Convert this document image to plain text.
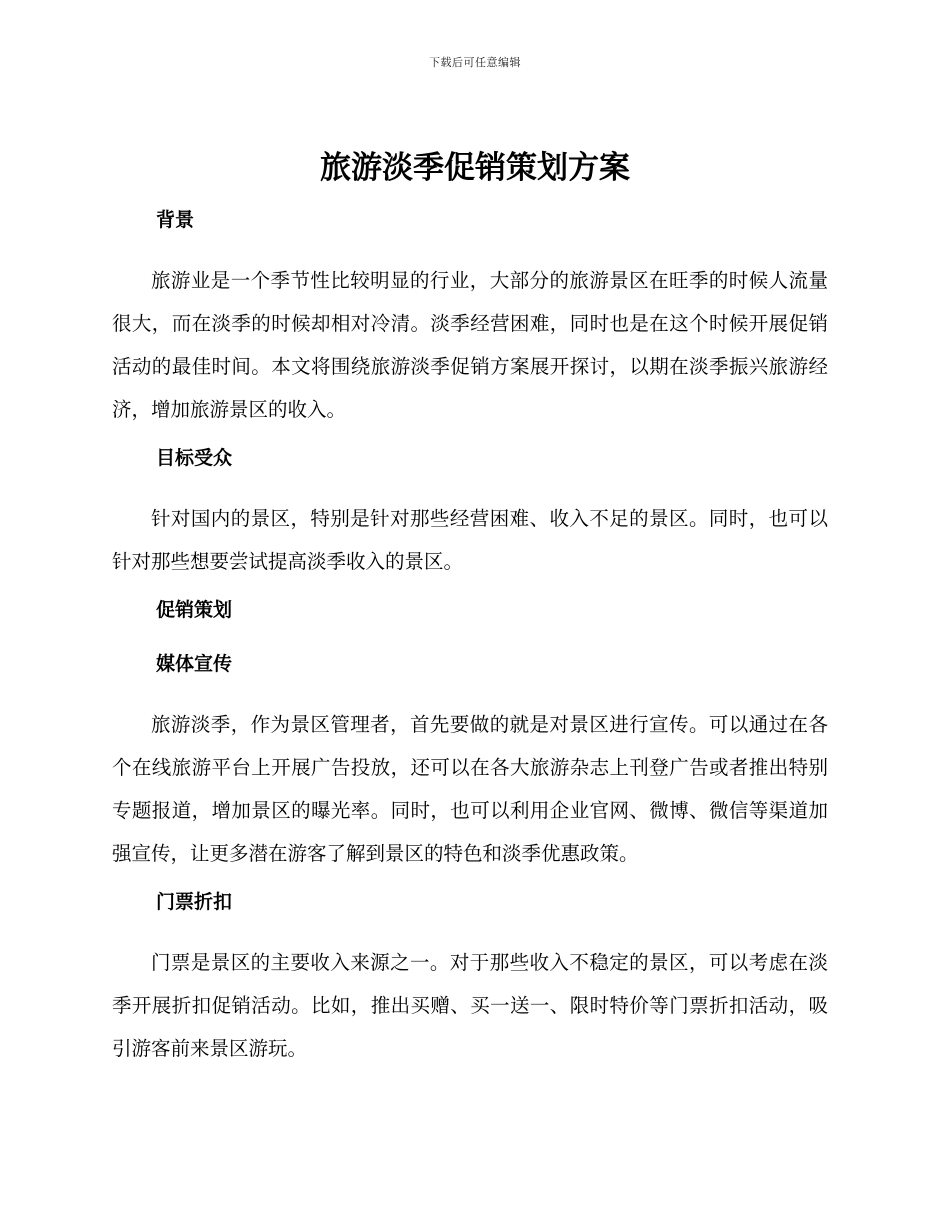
下载后可任意编辑
旅游淡季促销策划方案
背景

旅游业是一个季节性比较明显的行业，大部分的旅游景区在旺季的时候人流量很大，而在淡季的时候却相对冷清。淡季经营困难，同时也是在这个时候开展促销活动的最佳时间。本文将围绕旅游淡季促销方案展开探讨，以期在淡季振兴旅游经济，增加旅游景区的收入。

目标受众

针对国内的景区，特别是针对那些经营困难、收入不足的景区。同时，也可以针对那些想要尝试提高淡季收入的景区。

促销策划
媒体宣传

旅游淡季，作为景区管理者，首先要做的就是对景区进行宣传。可以通过在各个在线旅游平台上开展广告投放，还可以在各大旅游杂志上刊登广告或者推出特别专题报道，增加景区的曝光率。同时，也可以利用企业官网、微博、微信等渠道加强宣传，让更多潜在游客了解到景区的特色和淡季优惠政策。

门票折扣

门票是景区的主要收入来源之一。对于那些收入不稳定的景区，可以考虑在淡季开展折扣促销活动。比如，推出买赠、买一送一、限时特价等门票折扣活动，吸引游客前来景区游玩。
